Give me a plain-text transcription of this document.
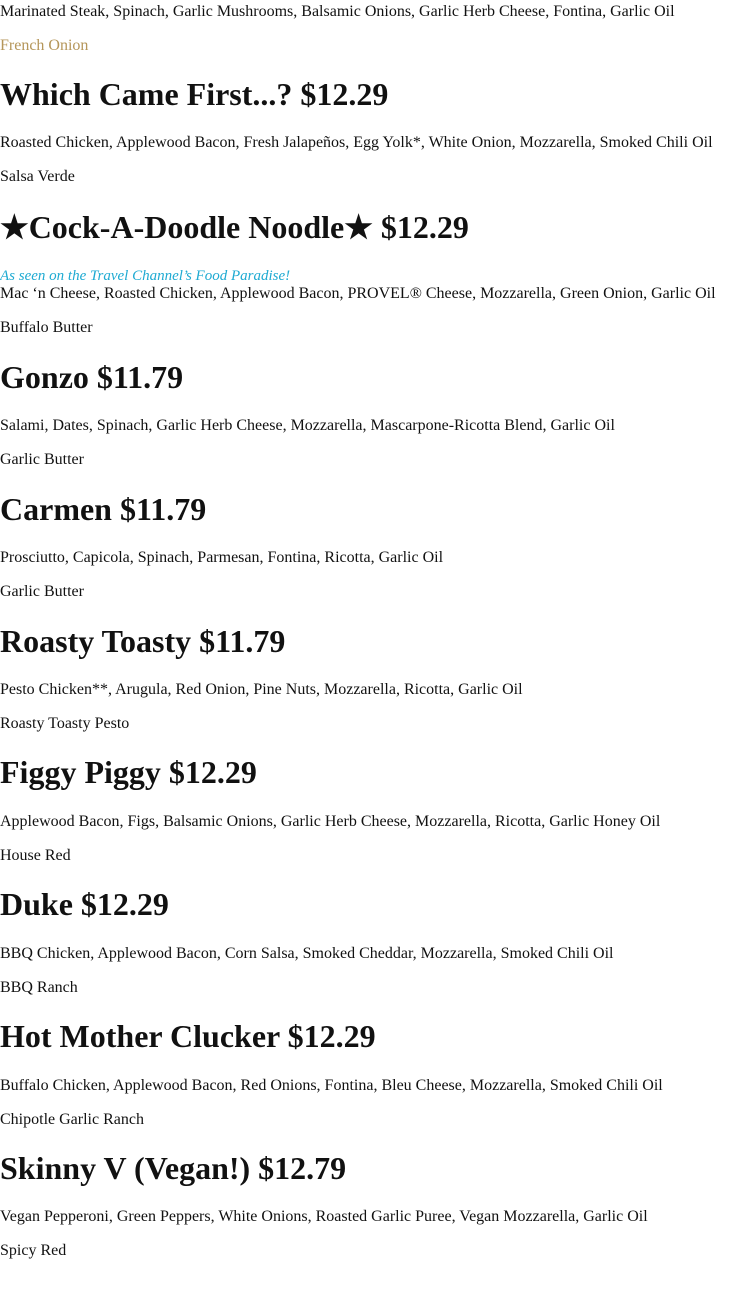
Marinated Steak, Spinach, Garlic Mushrooms, Balsamic Onions, Garlic Herb Cheese, Fontina, Garlic Oil
French Onion
Which Came First...? $12.29
Roasted Chicken, Applewood Bacon, Fresh Jalapeños, Egg Yolk*, White Onion, Mozzarella, Smoked Chili Oil
Salsa Verde
★Cock-A-Doodle Noodle★ $12.29
As seen on the Travel Channel’s Food Paradise!
Mac ‘n Cheese, Roasted Chicken, Applewood Bacon, PROVEL® Cheese, Mozzarella, Green Onion, Garlic Oil
Buffalo Butter
Gonzo $11.79
Salami, Dates, Spinach, Garlic Herb Cheese, Mozzarella, Mascarpone-Ricotta Blend, Garlic Oil
Garlic Butter
Carmen $11.79
Prosciutto, Capicola, Spinach, Parmesan, Fontina, Ricotta, Garlic Oil
Garlic Butter
Roasty Toasty $11.79
Pesto Chicken**, Arugula, Red Onion, Pine Nuts, Mozzarella, Ricotta, Garlic Oil
Roasty Toasty Pesto
Figgy Piggy $12.29
Applewood Bacon, Figs, Balsamic Onions, Garlic Herb Cheese, Mozzarella, Ricotta, Garlic Honey Oil
House Red
Duke $12.29
BBQ Chicken, Applewood Bacon, Corn Salsa, Smoked Cheddar, Mozzarella, Smoked Chili Oil
BBQ Ranch
Hot Mother Clucker $12.29
Buffalo Chicken, Applewood Bacon, Red Onions, Fontina, Bleu Cheese, Mozzarella, Smoked Chili Oil
Chipotle Garlic Ranch
Skinny V (Vegan!) $12.79
Vegan Pepperoni, Green Peppers, White Onions, Roasted Garlic Puree, Vegan Mozzarella, Garlic Oil
Spicy Red
